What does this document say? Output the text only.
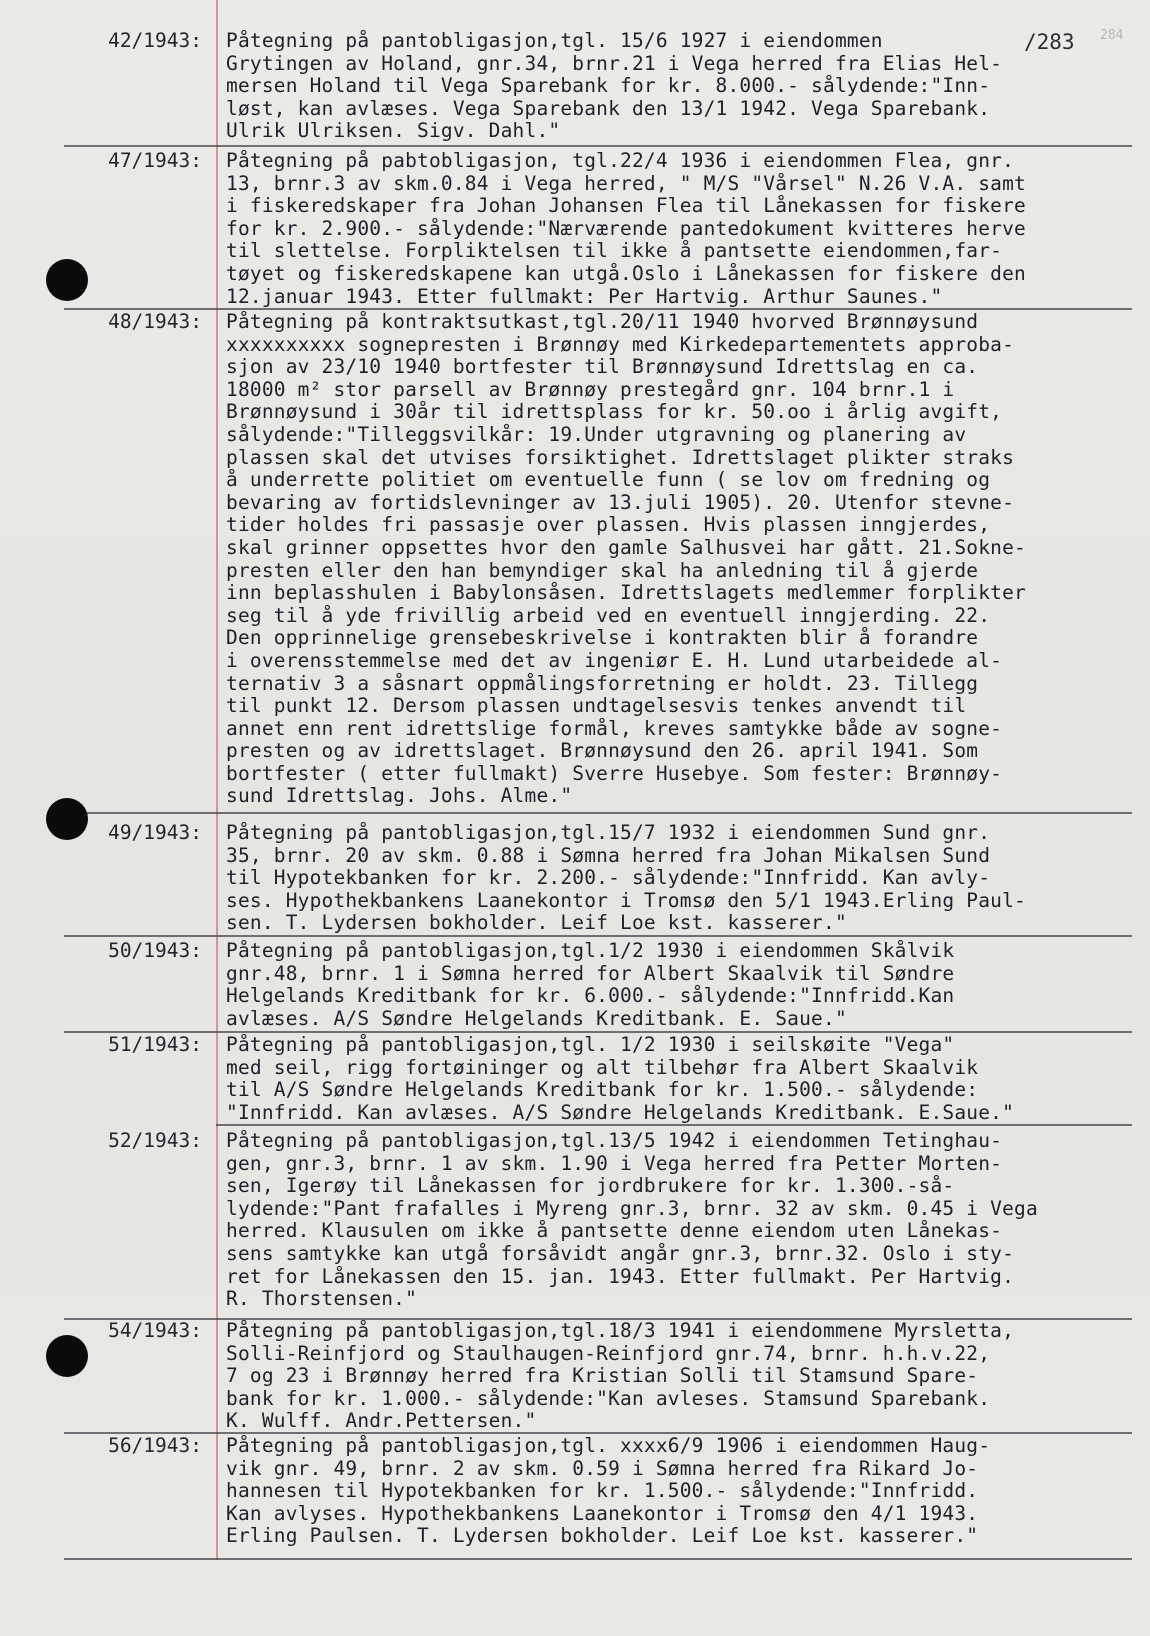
/283 284
42/1943: Påtegning på pantobligasjon,tgl. 15/6 1927 i eiendommen
Grytingen av Holand, gnr.34, brnr.21 i Vega herred fra Elias Hel-
mersen Holand til Vega Sparebank for kr. 8.000.- sålydende:"Inn-
løst, kan avlæses. Vega Sparebank den 13/1 1942. Vega Sparebank.
Ulrik Ulriksen. Sigv. Dahl."
47/1943: Påtegning på pabtobligasjon, tgl.22/4 1936 i eiendommen Flea, gnr.
13, brnr.3 av skm.0.84 i Vega herred, " M/S "Vårsel" N.26 V.A. samt
i fiskeredskaper fra Johan Johansen Flea til Lånekassen for fiskere
for kr. 2.900.- sålydende:"Nærværende pantedokument kvitteres herve
til slettelse. Forpliktelsen til ikke å pantsette eiendommen,far-
tøyet og fiskeredskapene kan utgå.Oslo i Lånekassen for fiskere den
12.januar 1943. Etter fullmakt: Per Hartvig. Arthur Saunes."
48/1943: Påtegning på kontraktsutkast,tgl.20/11 1940 hvorved Brønnøysund
xxxxxxxxxx sognepresten i Brønnøy med Kirkedepartementets approba-
sjon av 23/10 1940 bortfester til Brønnøysund Idrettslag en ca.
18000 m² stor parsell av Brønnøy prestegård gnr. 104 brnr.1 i
Brønnøysund i 30år til idrettsplass for kr. 50.oo i årlig avgift,
sålydende:"Tilleggsvilkår: 19.Under utgravning og planering av
plassen skal det utvises forsiktighet. Idrettslaget plikter straks
å underrette politiet om eventuelle funn ( se lov om fredning og
bevaring av fortidslevninger av 13.juli 1905). 20. Utenfor stevne-
tider holdes fri passasje over plassen. Hvis plassen inngjerdes,
skal grinner oppsettes hvor den gamle Salhusvei har gått. 21.Sokne-
presten eller den han bemyndiger skal ha anledning til å gjerde
inn beplasshulen i Babylonsåsen. Idrettslagets medlemmer forplikter
seg til å yde frivillig arbeid ved en eventuell inngjerding. 22.
Den opprinnelige grensebeskrivelse i kontrakten blir å forandre
i overensstemmelse med det av ingeniør E. H. Lund utarbeidede al-
ternativ 3 a såsnart oppmålingsforretning er holdt. 23. Tillegg
til punkt 12. Dersom plassen undtagelsesvis tenkes anvendt til
annet enn rent idrettslige formål, kreves samtykke både av sogne-
presten og av idrettslaget. Brønnøysund den 26. april 1941. Som
bortfester ( etter fullmakt) Sverre Husebye. Som fester: Brønnøy-
sund Idrettslag. Johs. Alme."
49/1943: Påtegning på pantobligasjon,tgl.15/7 1932 i eiendommen Sund gnr.
35, brnr. 20 av skm. 0.88 i Sømna herred fra Johan Mikalsen Sund
til Hypotekbanken for kr. 2.200.- sålydende:"Innfridd. Kan avly-
ses. Hypothekbankens Laanekontor i Tromsø den 5/1 1943.Erling Paul-
sen. T. Lydersen bokholder. Leif Loe kst. kasserer."
50/1943: Påtegning på pantobligasjon,tgl.1/2 1930 i eiendommen Skålvik
gnr.48, brnr. 1 i Sømna herred for Albert Skaalvik til Søndre
Helgelands Kreditbank for kr. 6.000.- sålydende:"Innfridd.Kan
avlæses. A/S Søndre Helgelands Kreditbank. E. Saue."
51/1943: Påtegning på pantobligasjon,tgl. 1/2 1930 i seilskøite "Vega"
med seil, rigg fortøininger og alt tilbehør fra Albert Skaalvik
til A/S Søndre Helgelands Kreditbank for kr. 1.500.- sålydende:
"Innfridd. Kan avlæses. A/S Søndre Helgelands Kreditbank. E.Saue."
52/1943: Påtegning på pantobligasjon,tgl.13/5 1942 i eiendommen Tetinghau-
gen, gnr.3, brnr. 1 av skm. 1.90 i Vega herred fra Petter Morten-
sen, Igerøy til Lånekassen for jordbrukere for kr. 1.300.-så-
lydende:"Pant frafalles i Myreng gnr.3, brnr. 32 av skm. 0.45 i Vega
herred. Klausulen om ikke å pantsette denne eiendom uten Lånekas-
sens samtykke kan utgå forsåvidt angår gnr.3, brnr.32. Oslo i sty-
ret for Lånekassen den 15. jan. 1943. Etter fullmakt. Per Hartvig.
R. Thorstensen."
54/1943: Påtegning på pantobligasjon,tgl.18/3 1941 i eiendommene Myrsletta,
Solli-Reinfjord og Staulhaugen-Reinfjord gnr.74, brnr. h.h.v.22,
7 og 23 i Brønnøy herred fra Kristian Solli til Stamsund Spare-
bank for kr. 1.000.- sålydende:"Kan avleses. Stamsund Sparebank.
K. Wulff. Andr.Pettersen."
56/1943: Påtegning på pantobligasjon,tgl. xxxx6/9 1906 i eiendommen Haug-
vik gnr. 49, brnr. 2 av skm. 0.59 i Sømna herred fra Rikard Jo-
hannesen til Hypotekbanken for kr. 1.500.- sålydende:"Innfridd.
Kan avlyses. Hypothekbankens Laanekontor i Tromsø den 4/1 1943.
Erling Paulsen. T. Lydersen bokholder. Leif Loe kst. kasserer."
